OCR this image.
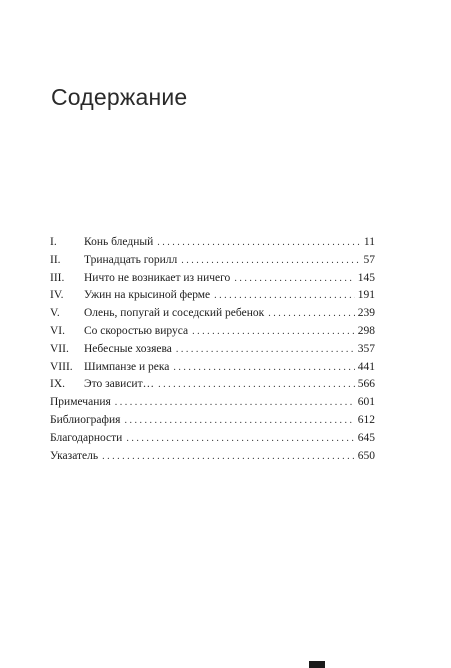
Содержание
I.	Конь бледный . . .	11
II.	Тринадцать горилл . . .	57
III.	Ничто не возникает из ничего . . .	145
IV.	Ужин на крысиной ферме . . .	191
V.	Олень, попугай и соседский ребенок . . .	239
VI.	Со скоростью вируса . . .	298
VII.	Небесные хозяева . . .	357
VIII. Шимпанзе и река . . .	441
IX.	Это зависит… . . .	566
Примечания . . .	601
Библиография . . .	612
Благодарности . . .	645
Указатель . . .	650
